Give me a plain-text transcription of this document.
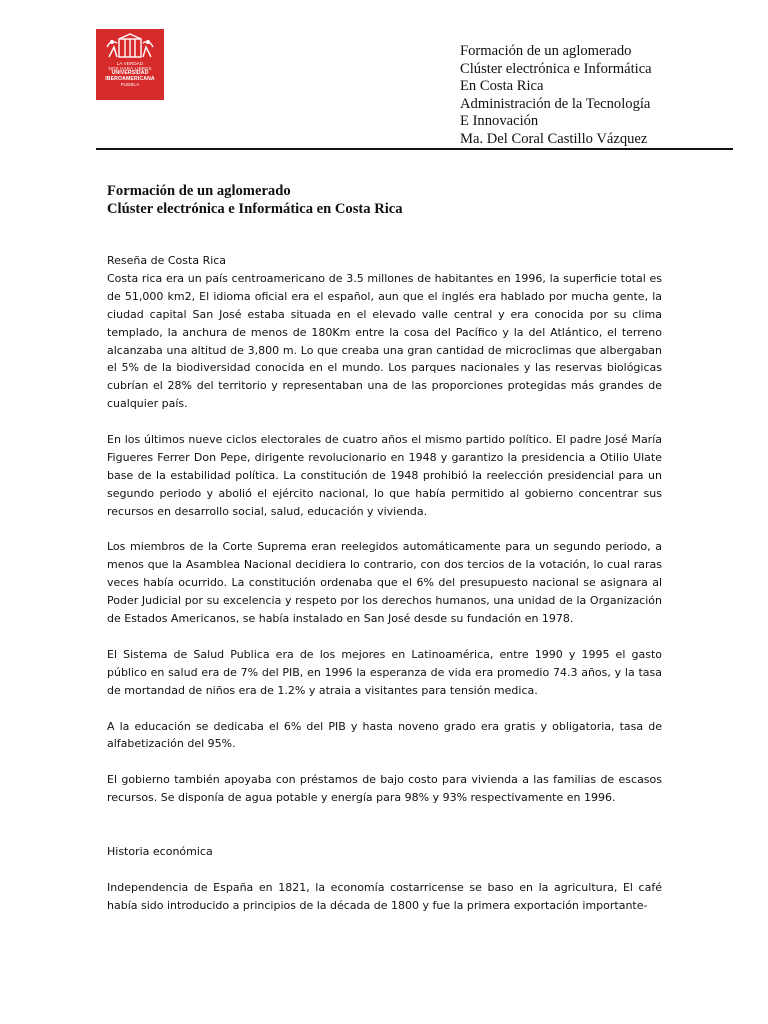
LA VERDAD
NOS HARÁ LIBRES
UNIVERSIDAD
IBEROAMERICANA
PUEBLA
Formación de un aglomerado
Clúster electrónica e Informática
En Costa Rica
Administración de la Tecnología
E Innovación
Ma. Del Coral Castillo Vázquez
Formación de un aglomerado
Clúster electrónica e Informática en Costa Rica

Reseña de Costa Rica

Costa rica era un país centroamericano de 3.5 millones de habitantes en 1996, la superficie total es de 51,000 km2, El idioma oficial era el español, aun que el inglés era hablado por mucha gente, la ciudad capital San José estaba situada en el elevado valle central y era conocida por su clima templado, la anchura de menos de 180Km entre la cosa del Pacífico y la del Atlántico, el terreno alcanzaba una altitud de 3,800 m. Lo que creaba una gran cantidad de microclimas que albergaban el 5% de la biodiversidad conocida en el mundo. Los parques nacionales y las reservas biológicas cubrían el 28% del territorio y representaban una de las proporciones protegidas más grandes de cualquier país.

En los últimos nueve ciclos electorales de cuatro años el mismo partido político. El padre José María Figueres Ferrer Don Pepe, dirigente revolucionario en 1948 y garantizo la presidencia a Otilio Ulate base de la estabilidad política. La constitución de 1948 prohibió la reelección presidencial para un segundo periodo y abolió el ejército nacional, lo que había permitido al gobierno concentrar sus recursos en desarrollo social, salud, educación y vivienda.

Los miembros de la Corte Suprema eran reelegidos automáticamente para un segundo periodo, a menos que la Asamblea Nacional decidiera lo contrario, con dos tercios de la votación, lo cual raras veces había ocurrido. La constitución ordenaba que el 6% del presupuesto nacional se asignara al Poder Judicial por su excelencia y respeto por los derechos humanos, una unidad de la Organización de Estados Americanos, se había instalado en San José desde su fundación en 1978.

El Sistema de Salud Publica era de los mejores en Latinoamérica, entre 1990 y 1995 el gasto público en salud era de 7% del PIB, en 1996 la esperanza de vida era promedio 74.3 años, y la tasa de mortandad de niños era de 1.2% y atraia a visitantes para tensión medica.

A la educación se dedicaba el 6% del PIB y hasta noveno grado era gratis y obligatoria, tasa de alfabetización del 95%.

El gobierno también apoyaba con préstamos de bajo costo para vivienda a las familias de escasos recursos. Se disponía de agua potable y energía para 98% y 93% respectivamente en 1996.

Historia económica

Independencia de España en 1821, la economía costarricense se baso en la agricultura, El café había sido introducido a principios de la década de 1800 y fue la primera exportación importante-
